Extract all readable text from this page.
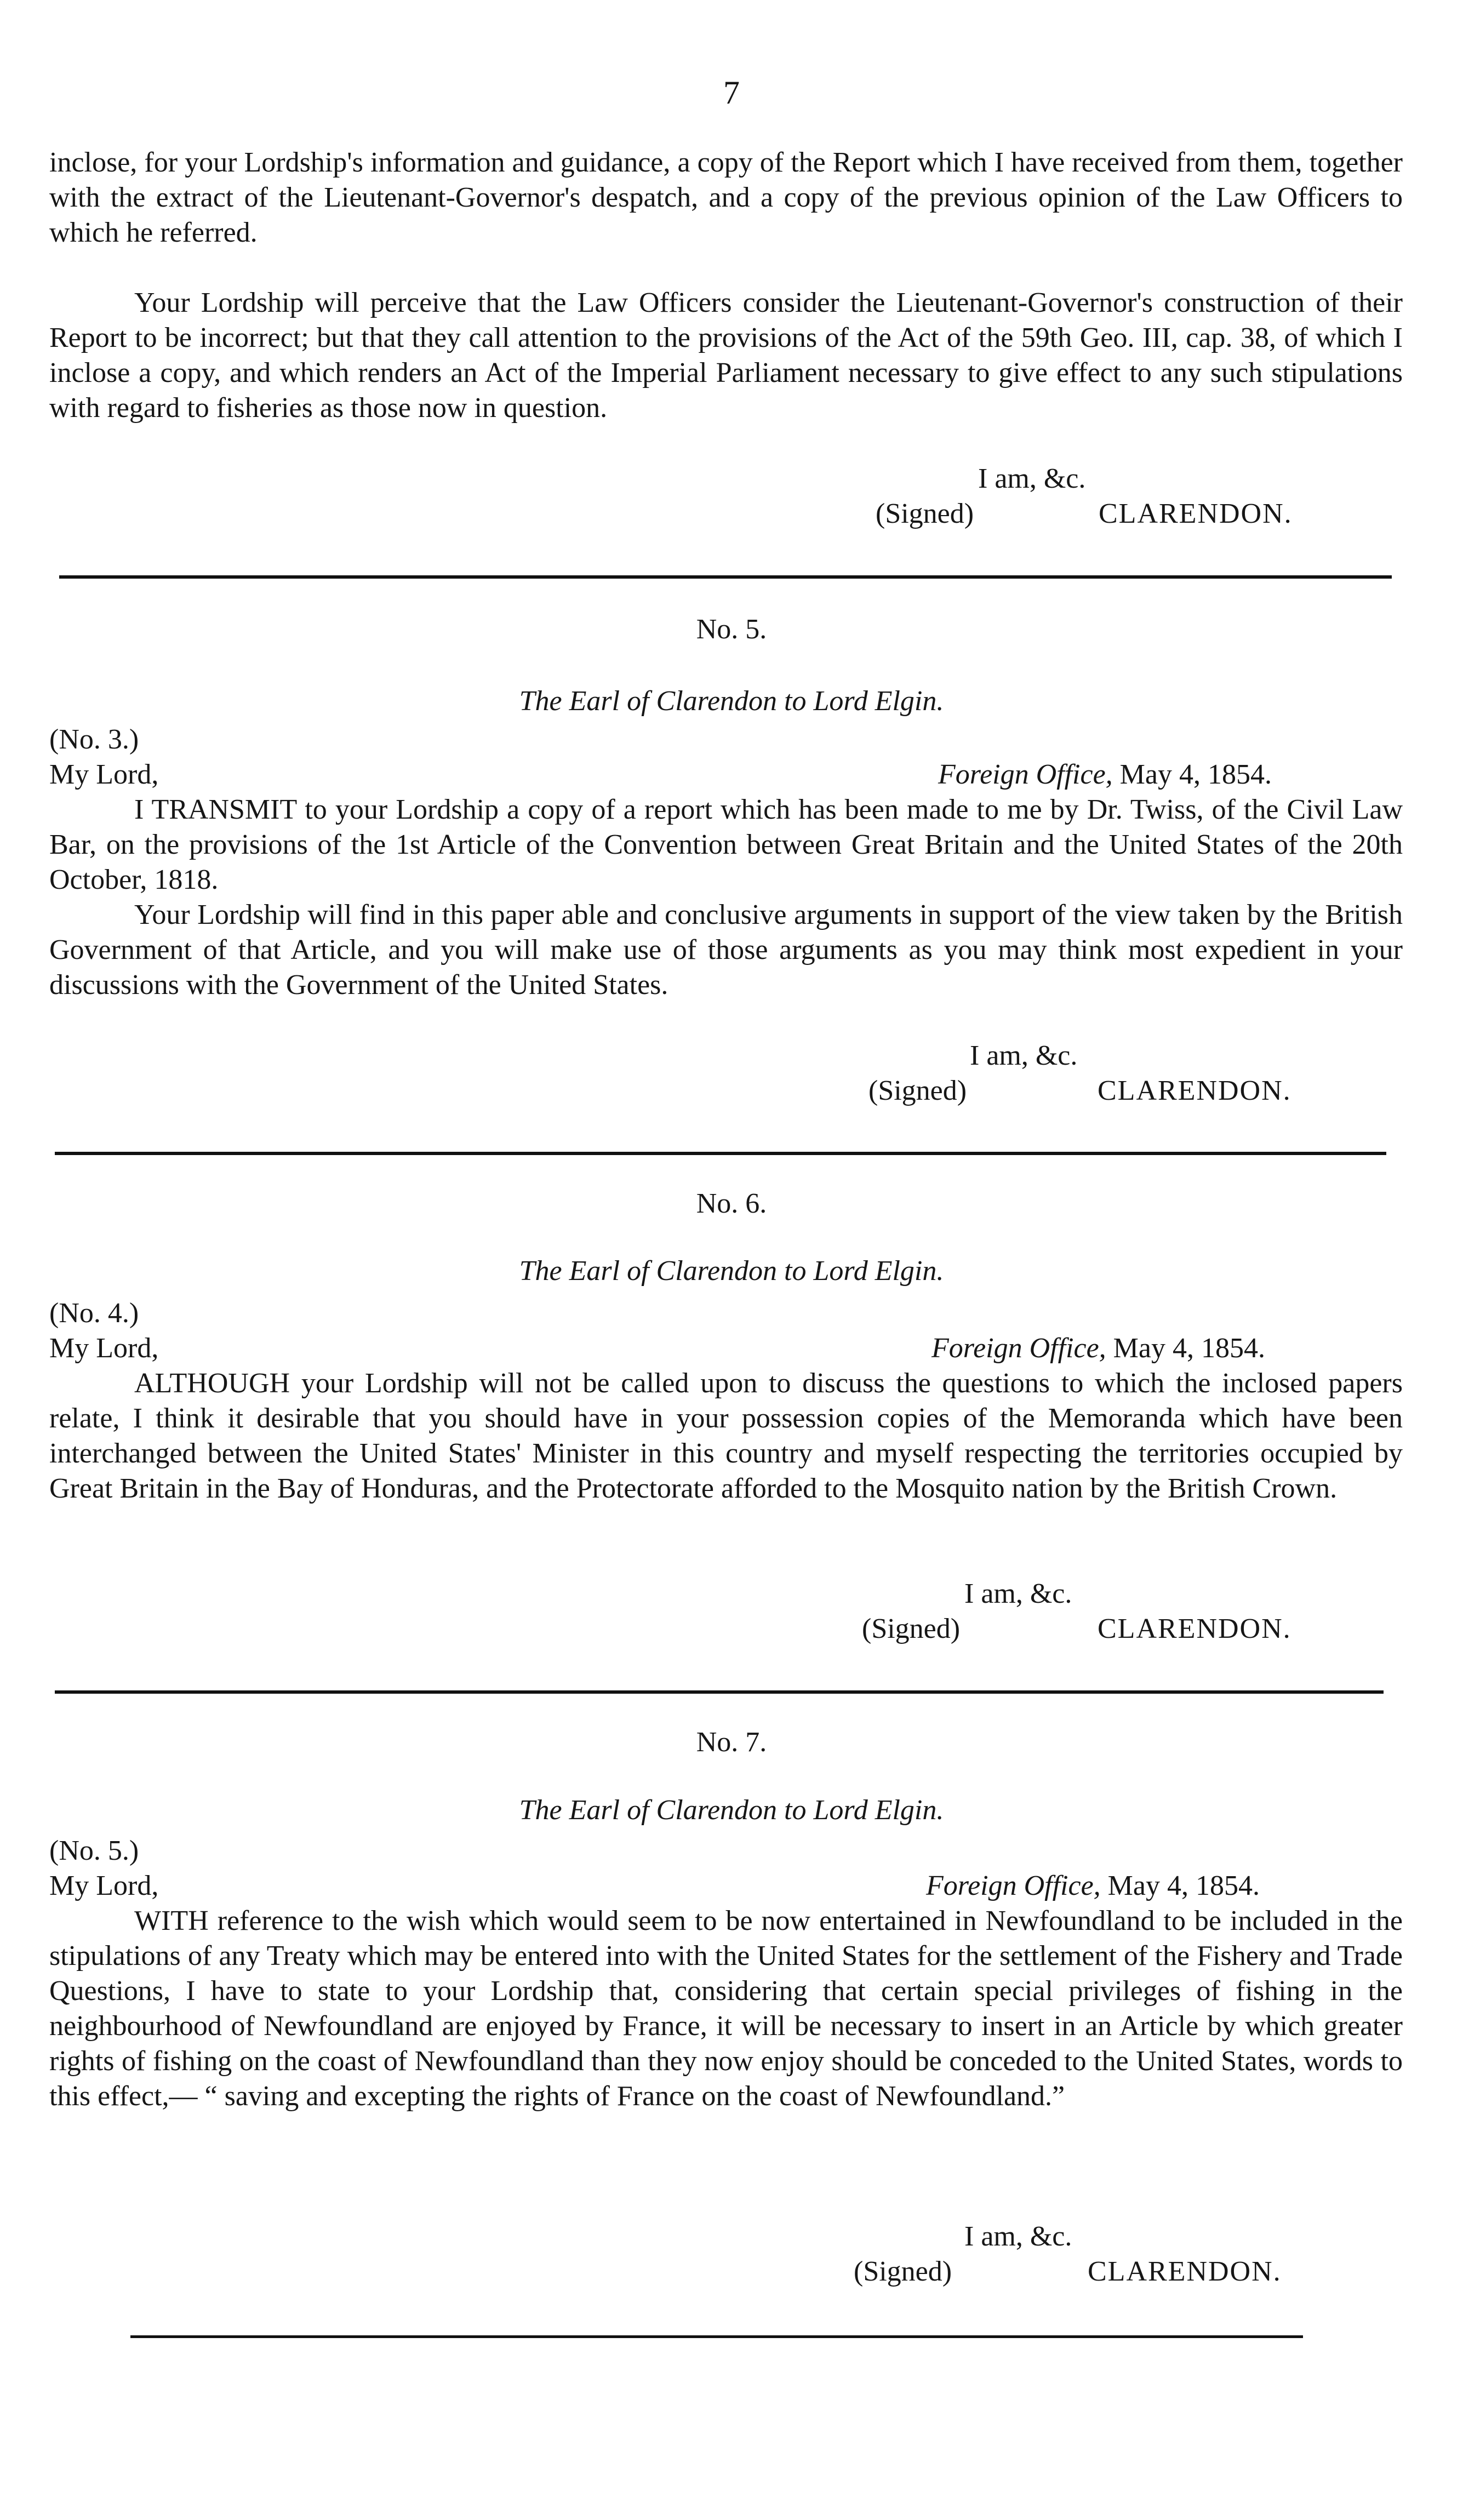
7
inclose, for your Lordship's information and guidance, a copy of the Report which I have received from them, together with the extract of the Lieutenant-Governor's despatch, and a copy of the previous opinion of the Law Officers to which he referred.
Your Lordship will perceive that the Law Officers consider the Lieutenant-Governor's construction of their Report to be incorrect; but that they call attention to the provisions of the Act of the 59th Geo. III, cap. 38, of which I inclose a copy, and which renders an Act of the Imperial Parliament necessary to give effect to any such stipulations with regard to fisheries as those now in question.
I am, &c.
(Signed)	CLARENDON.
No. 5.
The Earl of Clarendon to Lord Elgin.
(No. 3.)
My Lord,	Foreign Office, May 4, 1854.
I TRANSMIT to your Lordship a copy of a report which has been made to me by Dr. Twiss, of the Civil Law Bar, on the provisions of the 1st Article of the Convention between Great Britain and the United States of the 20th October, 1818.
Your Lordship will find in this paper able and conclusive arguments in support of the view taken by the British Government of that Article, and you will make use of those arguments as you may think most expedient in your discussions with the Government of the United States.
I am, &c.
(Signed)	CLARENDON.
No. 6.
The Earl of Clarendon to Lord Elgin.
(No. 4.)
My Lord,	Foreign Office, May 4, 1854.
ALTHOUGH your Lordship will not be called upon to discuss the questions to which the inclosed papers relate, I think it desirable that you should have in your possession copies of the Memoranda which have been interchanged between the United States' Minister in this country and myself respecting the territories occupied by Great Britain in the Bay of Honduras, and the Protectorate afforded to the Mosquito nation by the British Crown.
I am, &c.
(Signed)	CLARENDON.
No. 7.
The Earl of Clarendon to Lord Elgin.
(No. 5.)
My Lord,	Foreign Office, May 4, 1854.
WITH reference to the wish which would seem to be now entertained in Newfoundland to be included in the stipulations of any Treaty which may be entered into with the United States for the settlement of the Fishery and Trade Questions, I have to state to your Lordship that, considering that certain special privileges of fishing in the neighbourhood of Newfoundland are enjoyed by France, it will be necessary to insert in an Article by which greater rights of fishing on the coast of Newfoundland than they now enjoy should be conceded to the United States, words to this effect,— “ saving and excepting the rights of France on the coast of Newfoundland.”
I am, &c.
(Signed)	CLARENDON.
